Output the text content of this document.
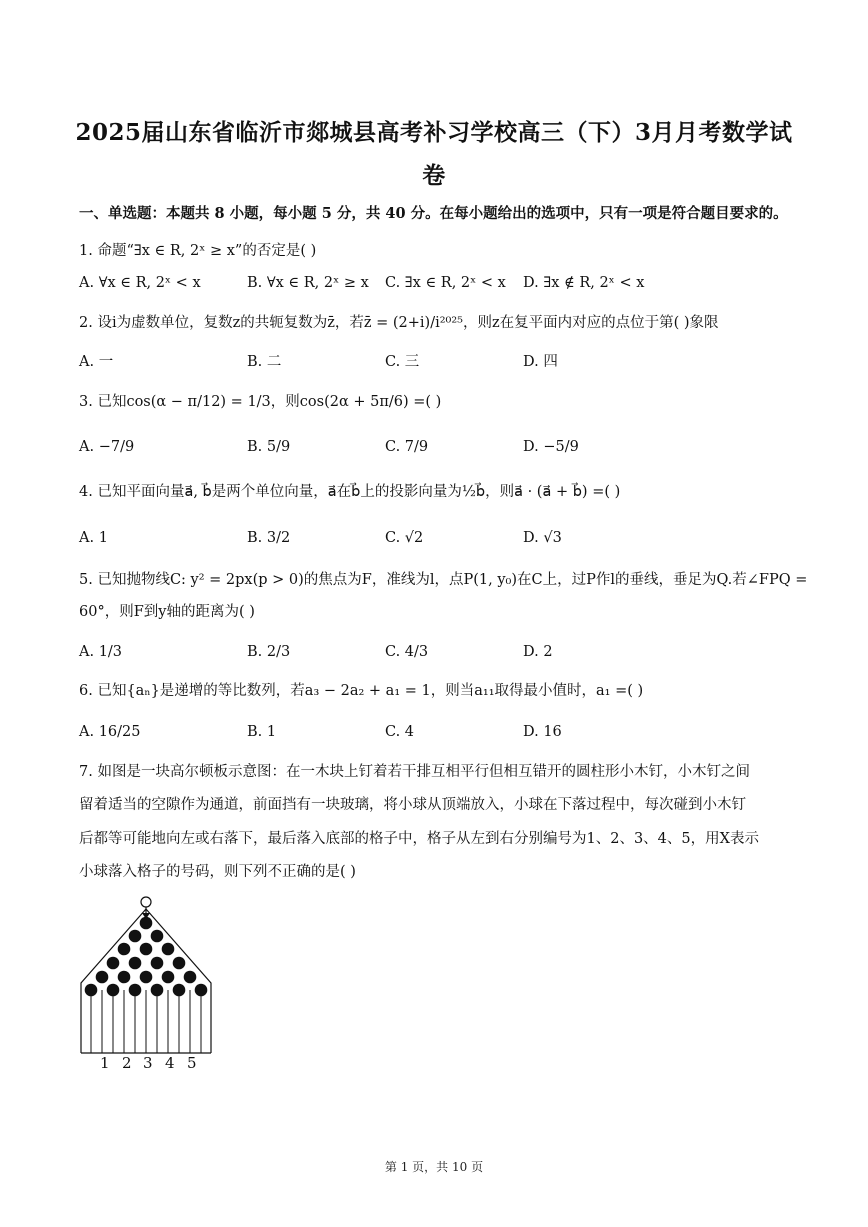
2025届山东省临沂市郯城县高考补习学校高三（下）3月月考数学试
卷
一、单选题：本题共 8 小题，每小题 5 分，共 40 分。在每小题给出的选项中，只有一项是符合题目要求的。
1. 命题“∃x ∈ R, 2ˣ ≥ x”的否定是( )
A. ∀x ∈ R, 2ˣ < x	B. ∀x ∈ R, 2ˣ ≥ x C. ∃x ∈ R, 2ˣ < x D. ∃x ∉ R, 2ˣ < x
2. 设i为虚数单位，复数z的共轭复数为z̄，若z̄ = (2+i)/i²⁰²⁵，则z在复平面内对应的点位于第( )象限
A. 一	B. 二	C. 三	D. 四
3. 已知cos(α − π/12) = 1/3，则cos(2α + 5π/6) =( )
A. −7/9	B. 5/9	C. 7/9	D. −5/9
4. 已知平面向量a⃗, b⃗是两个单位向量，a⃗在b⃗上的投影向量为½b⃗，则a⃗ · (a⃗ + b⃗) =( )
A. 1	B. 3/2	C. √2	D. √3
5. 已知抛物线C: y² = 2px(p > 0)的焦点为F，准线为l，点P(1, y₀)在C上，过P作l的垂线，垂足为Q.若∠FPQ =
60°，则F到y轴的距离为( )
A. 1/3	B. 2/3	C. 4/3	D. 2
6. 已知{aₙ}是递增的等比数列，若a₃ − 2a₂ + a₁ = 1，则当a₁₁取得最小值时，a₁ =( )
A. 16/25	B. 1	C. 4	D. 16
7. 如图是一块高尔顿板示意图：在一木块上钉着若干排互相平行但相互错开的圆柱形小木钉，小木钉之间
留着适当的空隙作为通道，前面挡有一块玻璃，将小球从顶端放入，小球在下落过程中，每次碰到小木钉
后都等可能地向左或右落下，最后落入底部的格子中，格子从左到右分别编号为1、2、3、4、5，用X表示
小球落入格子的号码，则下列不正确的是( )
1 2 3 4 5
第 1 页，共 10 页
